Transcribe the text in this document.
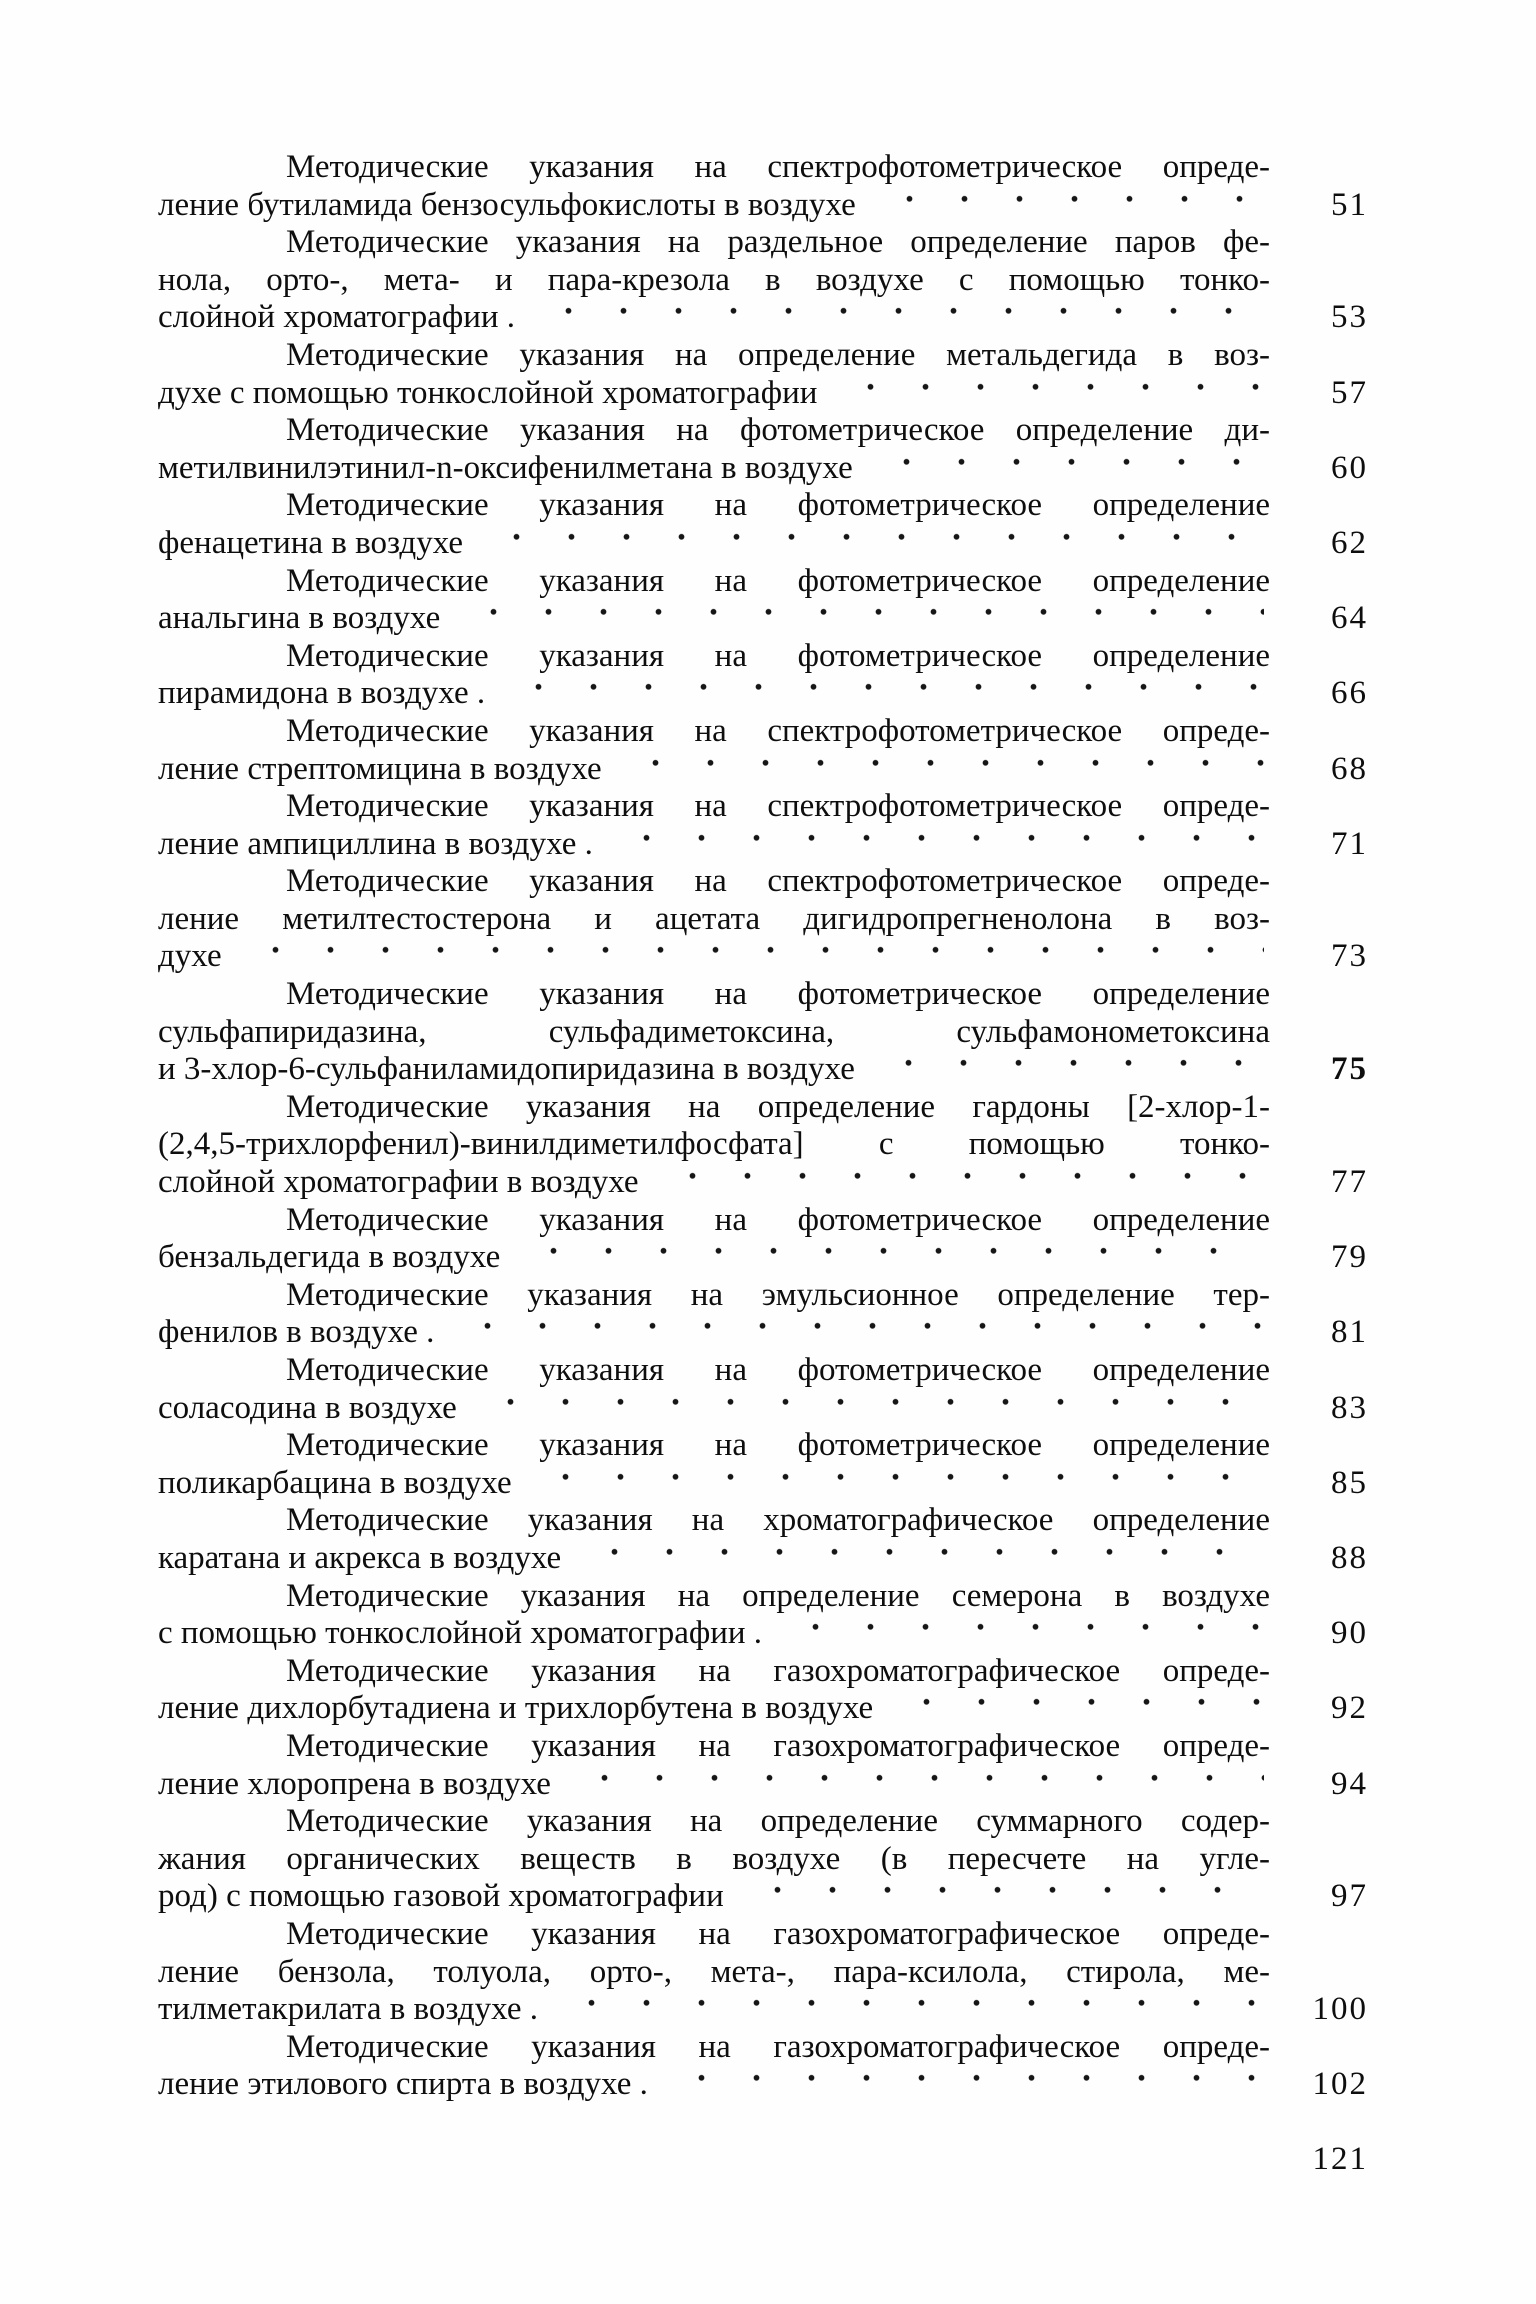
Методические указания на спектрофотометрическое опреде-
ление бутиламида бензосульфокислоты в воздухе	51
Методические указания на раздельное определение паров фе-
нола, орто-, мета- и пара-крезола в воздухе с помощью тонко-
слойной хроматографии .	53
Методические указания на определение метальдегида в воз-
духе с помощью тонкослойной хроматографии	57
Методические указания на фотометрическое определение ди-
метилвинилэтинил-n-оксифенилметана в воздухе	60
Методические указания на фотометрическое определение
фенацетина в воздухе	62
Методические указания на фотометрическое определение
анальгина в воздухе	64
Методические указания на фотометрическое определение
пирамидона в воздухе .	66
Методические указания на спектрофотометрическое опреде-
ление стрептомицина в воздухе	68
Методические указания на спектрофотометрическое опреде-
ление ампициллина в воздухе .	71
Методические указания на спектрофотометрическое опреде-
ление метилтестостерона и ацетата дигидропрегненолона в воз-
духе	73
Методические указания на фотометрическое определение
сульфапиридазина, сульфадиметоксина, сульфамонометоксина
и 3-хлор-6-сульфаниламидопиридазина в воздухе	75
Методические указания на определение гардоны [2-хлор-1-
(2,4,5-трихлорфенил)-винилдиметилфосфата] с помощью тонко-
слойной хроматографии в воздухе	77
Методические указания на фотометрическое определение
бензальдегида в воздухе	79
Методические указания на эмульсионное определение тер-
фенилов в воздухе .	81
Методические указания на фотометрическое определение
соласодина в воздухе	83
Методические указания на фотометрическое определение
поликарбацина в воздухе	85
Методические указания на хроматографическое определение
каратана и акрекса в воздухе	88
Методические указания на определение семерона в воздухе
с помощью тонкослойной хроматографии .	90
Методические указания на газохроматографическое опреде-
ление дихлорбутадиена и трихлорбутена в воздухе	92
Методические указания на газохроматографическое опреде-
ление хлоропрена в воздухе	94
Методические указания на определение суммарного содер-
жания органических веществ в воздухе (в пересчете на угле-
род) с помощью газовой хроматографии	97
Методические указания на газохроматографическое опреде-
ление бензола, толуола, орто-, мета-, пара-ксилола, стирола, ме-
тилметакрилата в воздухе .	100
Методические указания на газохроматографическое опреде-
ление этилового спирта в воздухе .	102
121
